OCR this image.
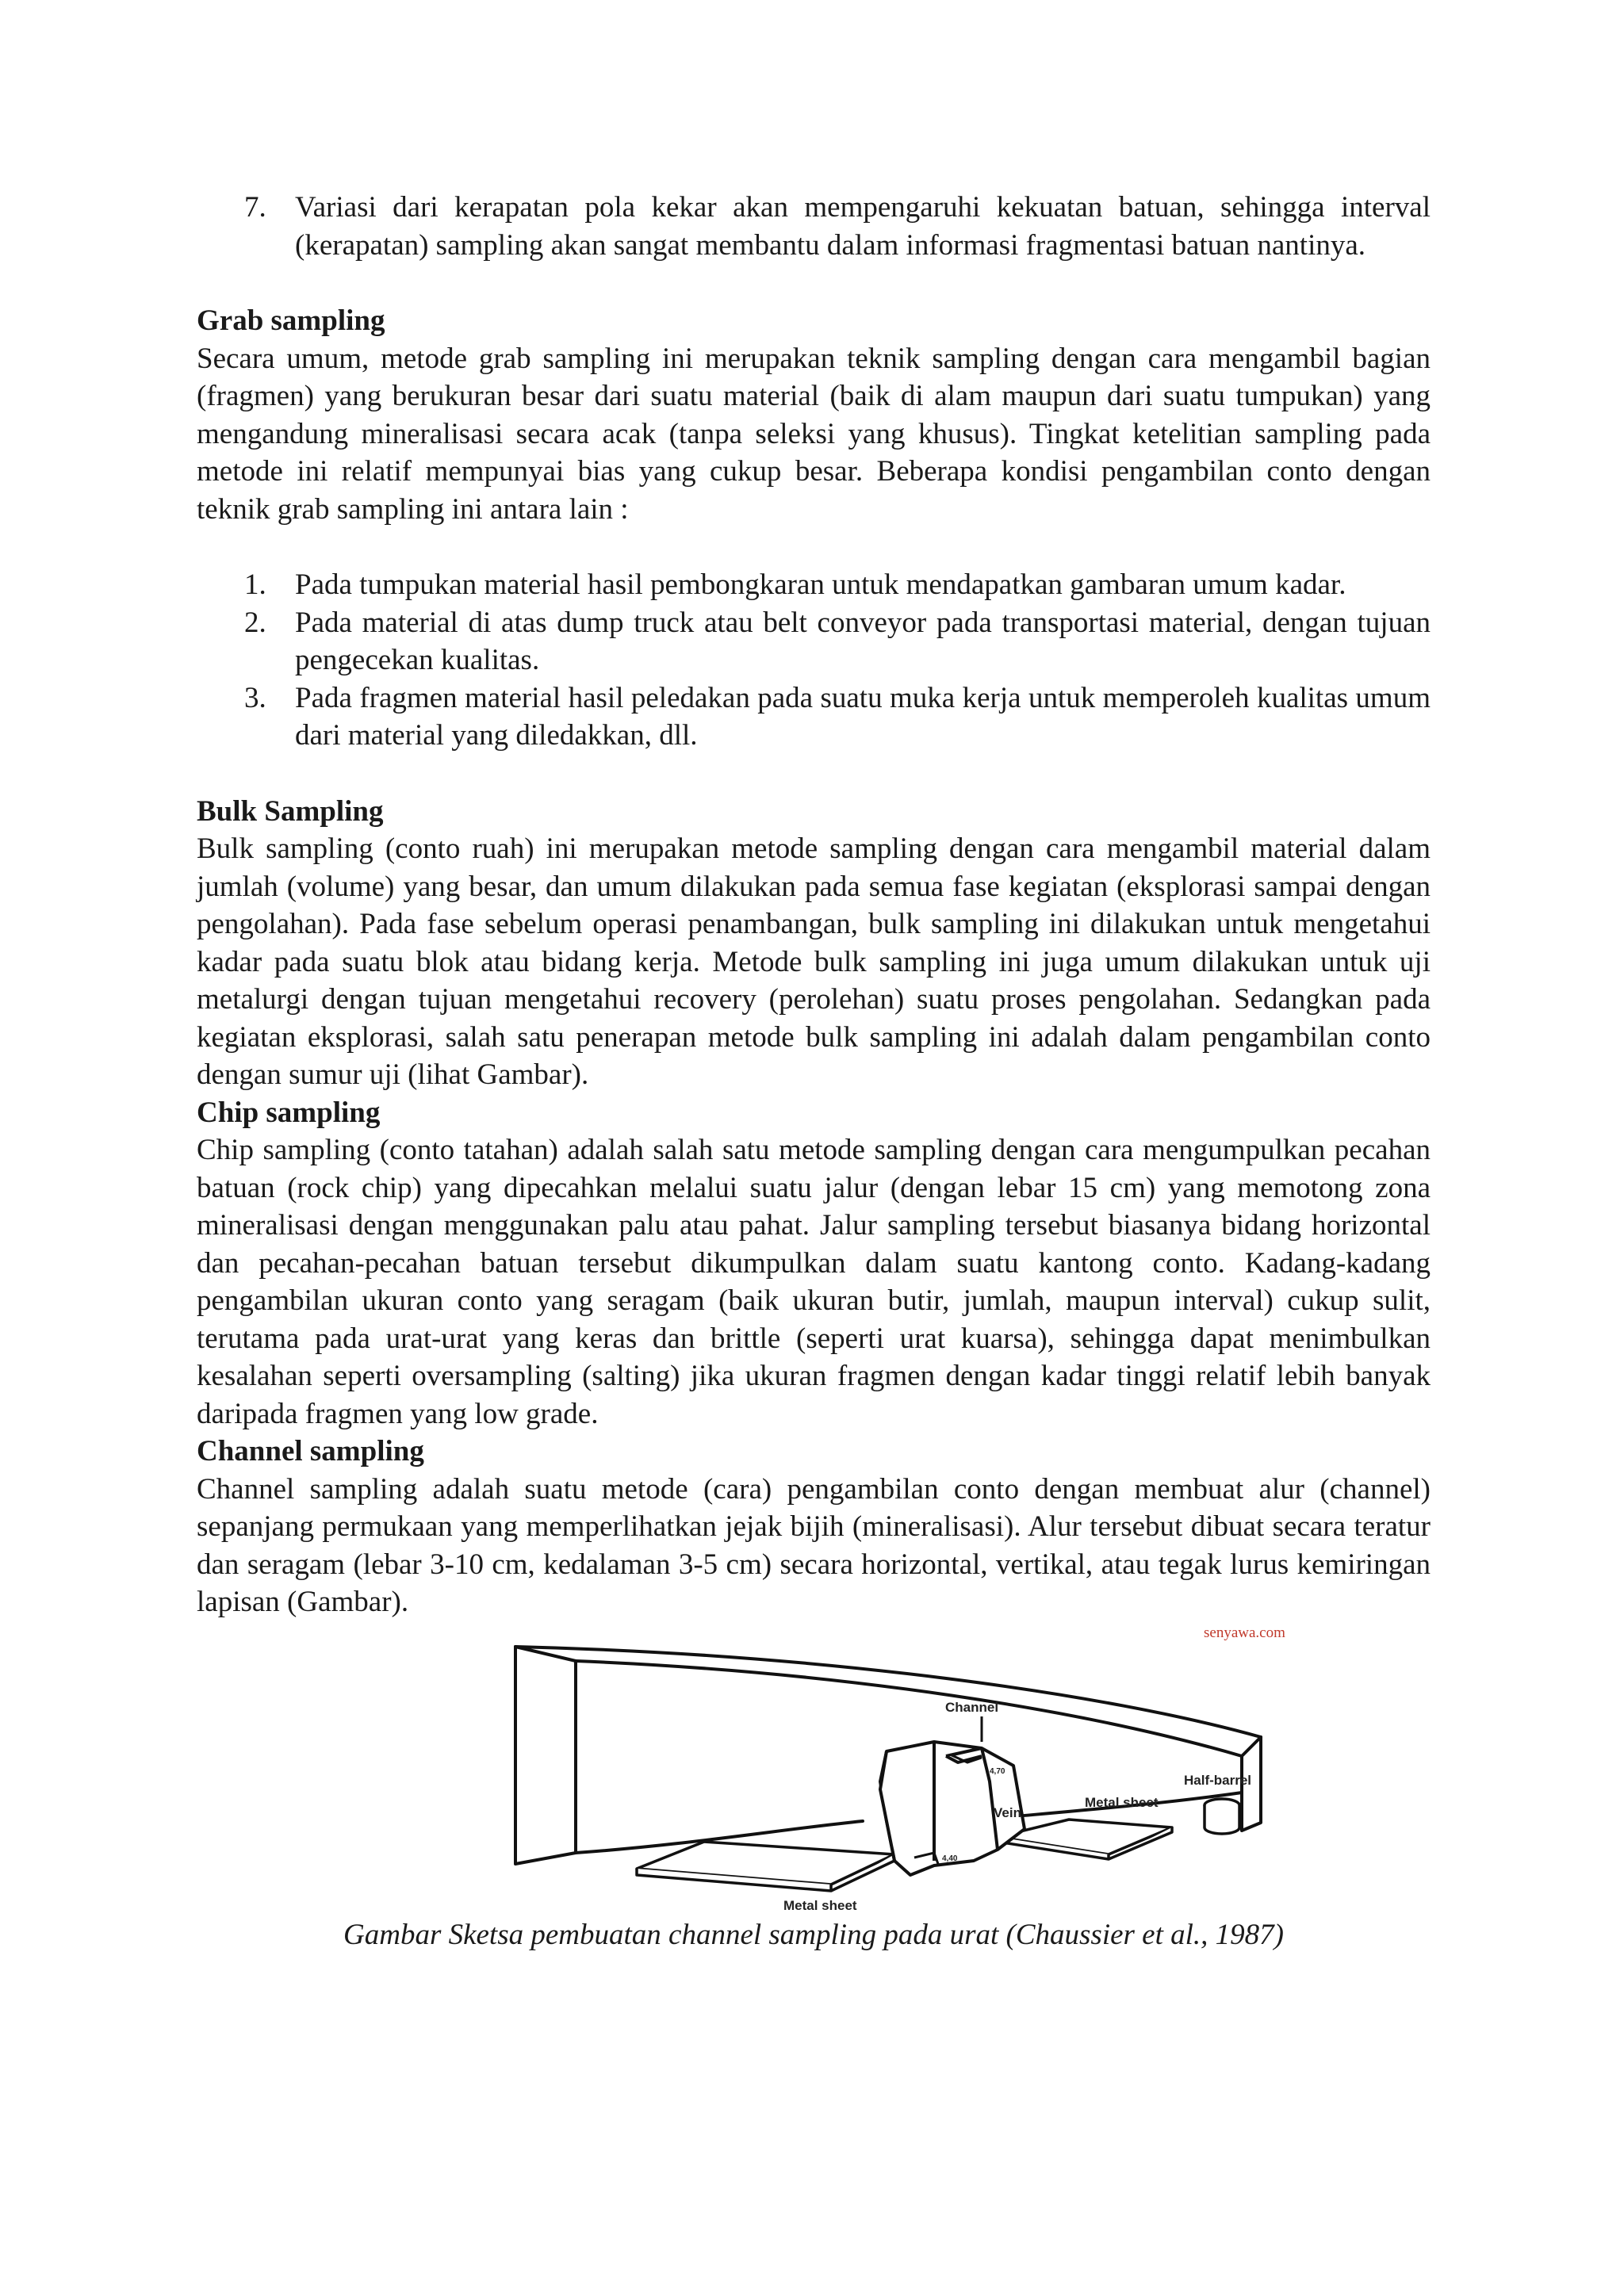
7. Variasi dari kerapatan pola kekar akan mempengaruhi kekuatan batuan, sehingga interval (kerapatan) sampling akan sangat membantu dalam informasi fragmentasi batuan nantinya.

Grab sampling

Secara umum, metode grab sampling ini merupakan teknik sampling dengan cara mengambil bagian (fragmen) yang berukuran besar dari suatu material (baik di alam maupun dari suatu tumpukan) yang mengandung mineralisasi secara acak (tanpa seleksi yang khusus). Tingkat ketelitian sampling pada metode ini relatif mempunyai bias yang cukup besar. Beberapa kondisi pengambilan conto dengan teknik grab sampling ini antara lain :

1. Pada tumpukan material hasil pembongkaran untuk mendapatkan gambaran umum kadar.
2. Pada material di atas dump truck atau belt conveyor pada transportasi material, dengan tujuan pengecekan kualitas.
3. Pada fragmen material hasil peledakan pada suatu muka kerja untuk memperoleh kualitas umum dari material yang diledakkan, dll.

Bulk Sampling

Bulk sampling (conto ruah) ini merupakan metode sampling dengan cara mengambil material dalam jumlah (volume) yang besar, dan umum dilakukan pada semua fase kegiatan (eksplorasi sampai dengan pengolahan). Pada fase sebelum operasi penambangan, bulk sampling ini dilakukan untuk mengetahui kadar pada suatu blok atau bidang kerja. Metode bulk sampling ini juga umum dilakukan untuk uji metalurgi dengan tujuan mengetahui recovery (perolehan) suatu proses pengolahan. Sedangkan pada kegiatan eksplorasi, salah satu penerapan metode bulk sampling ini adalah dalam pengambilan conto dengan sumur uji (lihat Gambar).

Chip sampling

Chip sampling (conto tatahan) adalah salah satu metode sampling dengan cara mengumpulkan pecahan batuan (rock chip) yang dipecahkan melalui suatu jalur (dengan lebar 15 cm) yang memotong zona mineralisasi dengan menggunakan palu atau pahat. Jalur sampling tersebut biasanya bidang horizontal dan pecahan-pecahan batuan tersebut dikumpulkan dalam suatu kantong conto. Kadang-kadang pengambilan ukuran conto yang seragam (baik ukuran butir, jumlah, maupun interval) cukup sulit, terutama pada urat-urat yang keras dan brittle (seperti urat kuarsa), sehingga dapat menimbulkan kesalahan seperti oversampling (salting) jika ukuran fragmen dengan kadar tinggi relatif lebih banyak daripada fragmen yang low grade.

Channel sampling

Channel sampling adalah suatu metode (cara) pengambilan conto dengan membuat alur (channel) sepanjang permukaan yang memperlihatkan jejak bijih (mineralisasi). Alur tersebut dibuat secara teratur dan seragam (lebar 3-10 cm, kedalaman 3-5 cm) secara horizontal, vertikal, atau tegak lurus kemiringan lapisan (Gambar).

4,70
4,40
senyawa.com
Channel
Vein
Metal sheet
Half-barrel
Metal sheet

Gambar Sketsa pembuatan channel sampling pada urat (Chaussier et al., 1987)
